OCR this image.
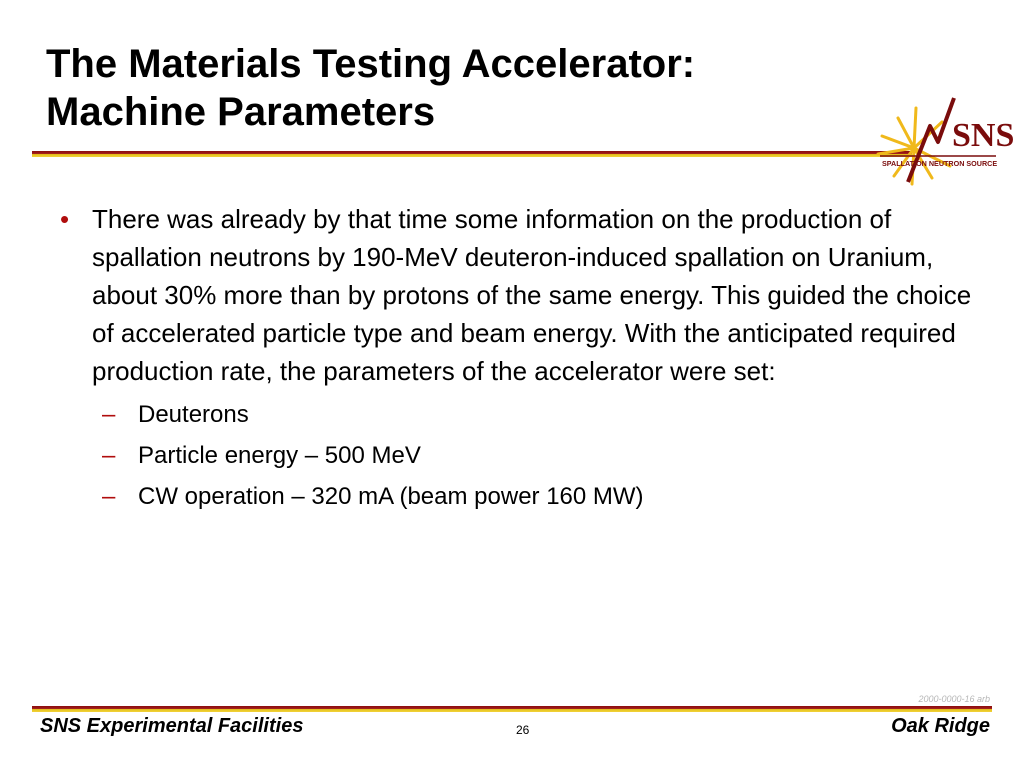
The Materials Testing Accelerator:
Machine Parameters
SNS
SPALLATION NEUTRON SOURCE
• There was already by that time some information on the production of spallation neutrons by 190-MeV deuteron-induced spallation on Uranium, about 30% more than by protons of the same energy. This guided the choice of accelerated particle type and beam energy. With the anticipated required production rate, the parameters of the accelerator were set:
– Deuterons
– Particle energy – 500 MeV
– CW operation – 320 mA (beam power 160 MW)
2000-0000-16 arb
SNS Experimental Facilities	26	Oak Ridge
